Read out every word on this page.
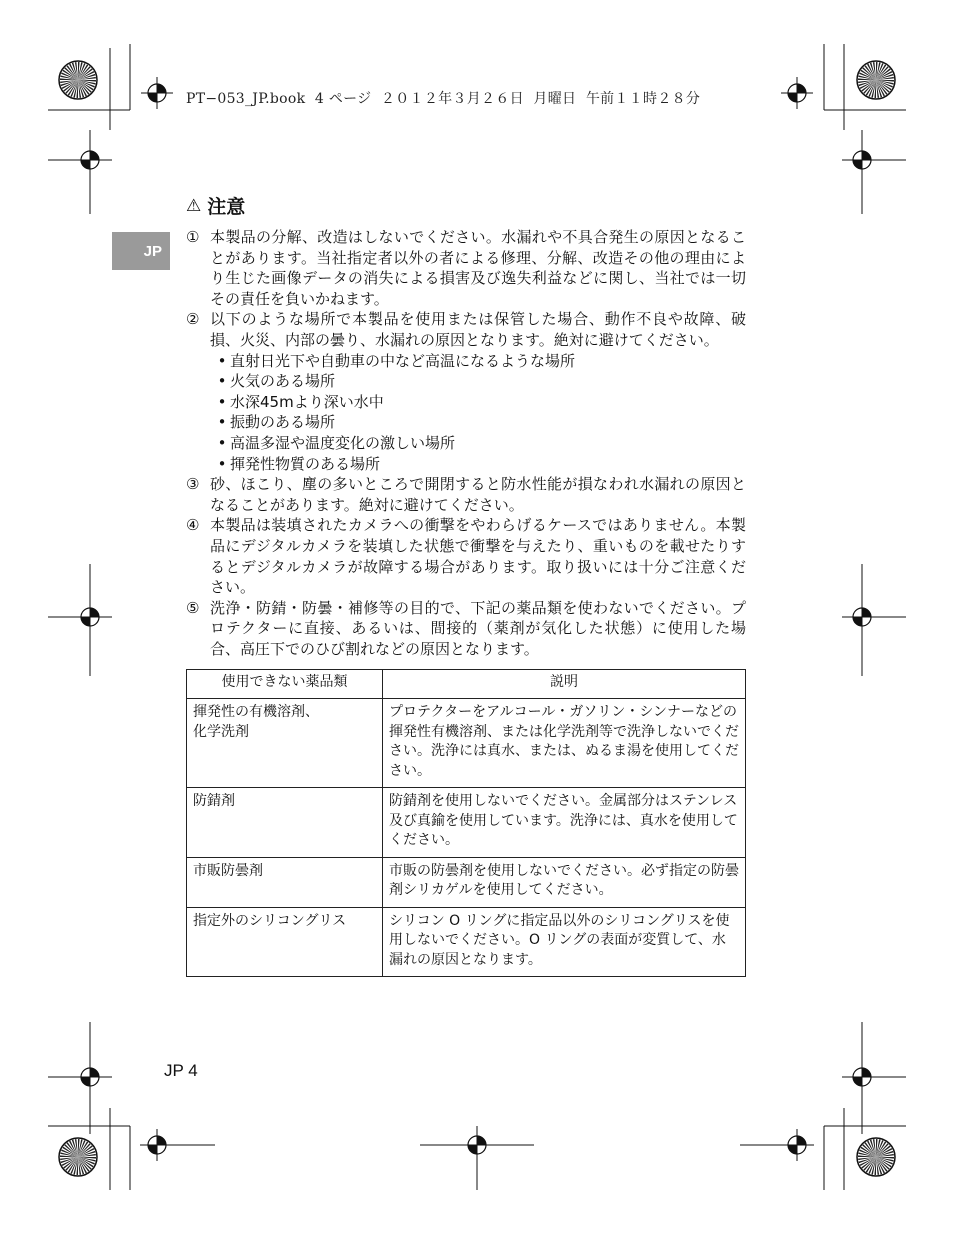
PT−053_JP.book  4 ページ  ２０１２年３月２６日  月曜日  午前１１時２８分
JP
⚠ 注意
① 本製品の分解、改造はしないでください。水漏れや不具合発生の原因となることがあります。当社指定者以外の者による修理、分解、改造その他の理由により生じた画像データの消失による損害及び逸失利益などに関し、当社では一切その責任を負いかねます。
② 以下のような場所で本製品を使用または保管した場合、動作不良や故障、破損、火災、内部の曇り、水漏れの原因となります。絶対に避けてください。
• 直射日光下や自動車の中など高温になるような場所
• 火気のある場所
• 水深45mより深い水中
• 振動のある場所
• 高温多湿や温度変化の激しい場所
• 揮発性物質のある場所
③ 砂、ほこり、塵の多いところで開閉すると防水性能が損なわれ水漏れの原因となることがあります。絶対に避けてください。
④ 本製品は装填されたカメラへの衝撃をやわらげるケースではありません。本製品にデジタルカメラを装填した状態で衝撃を与えたり、重いものを載せたりするとデジタルカメラが故障する場合があります。取り扱いには十分ご注意ください。
⑤ 洗浄・防錆・防曇・補修等の目的で、下記の薬品類を使わないでください。プロテクターに直接、あるいは、間接的（薬剤が気化した状態）に使用した場合、高圧下でのひび割れなどの原因となります。
使用できない薬品類	説明
揮発性の有機溶剤、
化学洗剤	プロテクターをアルコール・ガソリン・シンナーなどの揮発性有機溶剤、または化学洗剤等で洗浄しないでください。洗浄には真水、または、ぬるま湯を使用してください。
防錆剤	防錆剤を使用しないでください。金属部分はステンレス及び真鍮を使用しています。洗浄には、真水を使用してください。
市販防曇剤	市販の防曇剤を使用しないでください。必ず指定の防曇剤シリカゲルを使用してください。
指定外のシリコングリス	シリコン O リングに指定品以外のシリコングリスを使用しないでください。O リングの表面が変質して、水漏れの原因となります。
JP 4
